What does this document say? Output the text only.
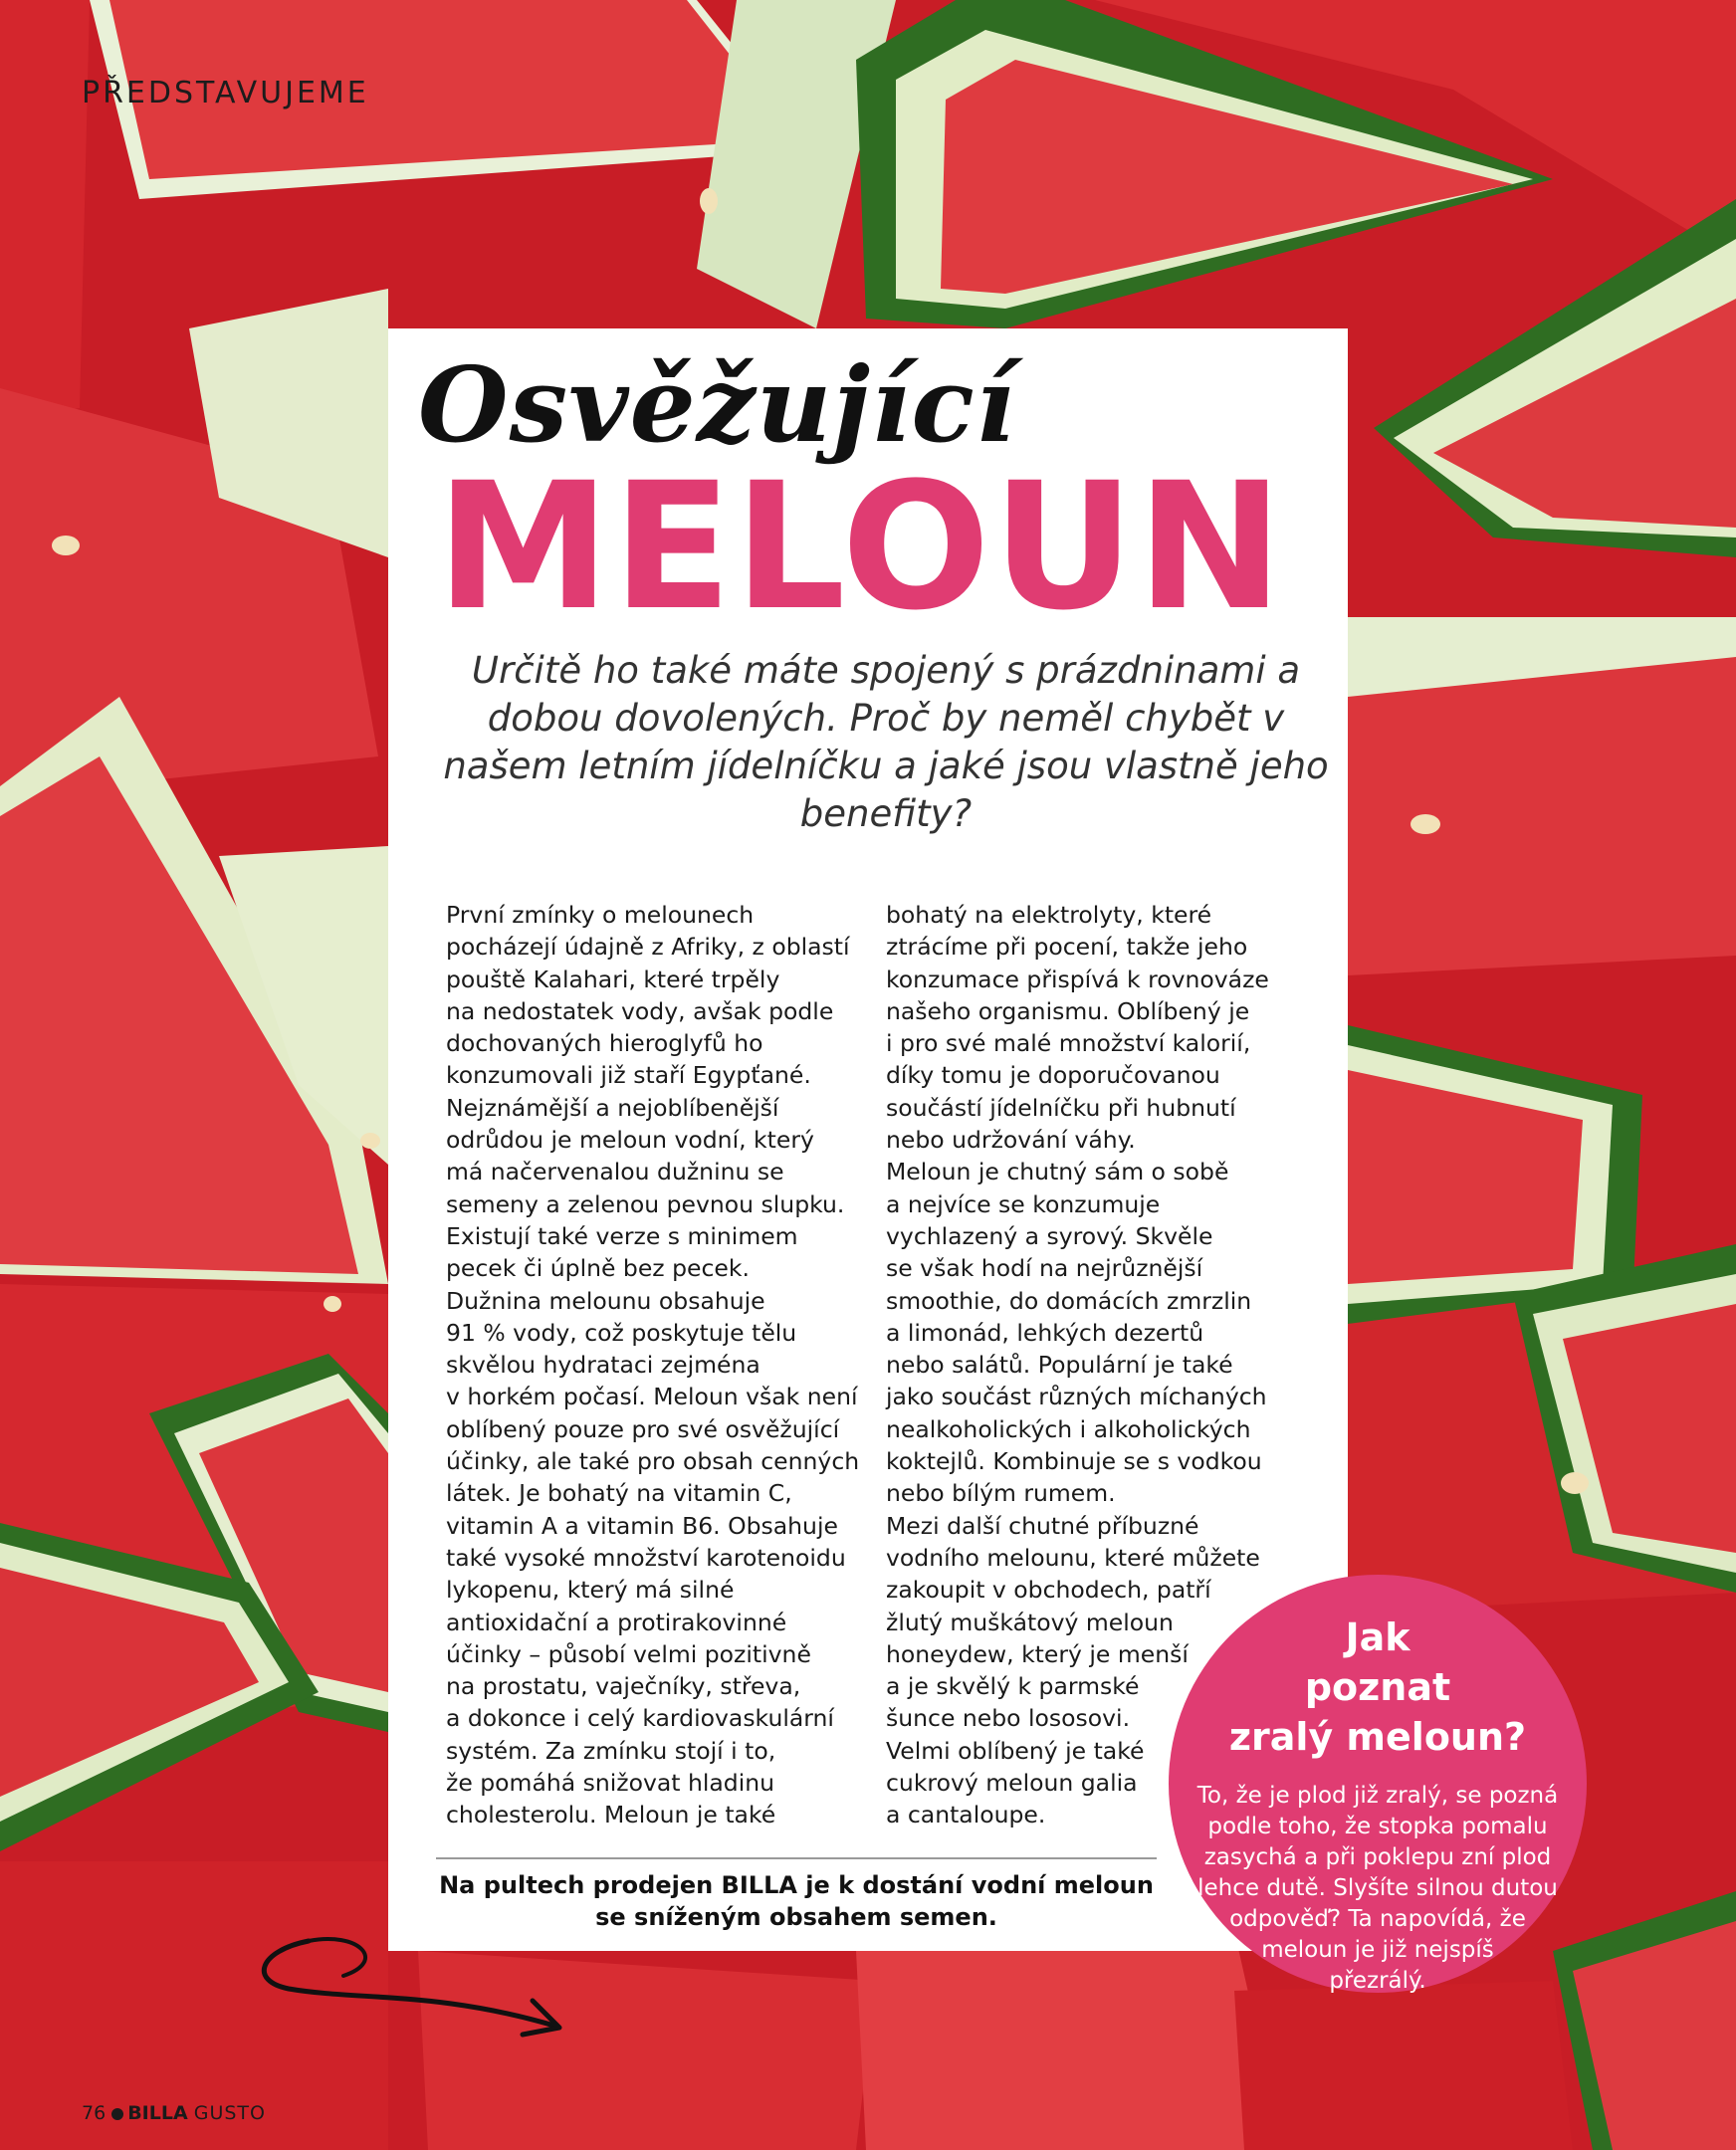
PŘEDSTAVUJEME
Osvěžující
MELOUN

Určitě ho také máte spojený s prázdninami a dobou dovolených. Proč by neměl chybět v našem letním jídelníčku a jaké jsou vlastně jeho benefity?

První zmínky o melounech
pocházejí údajně z Afriky, z oblastí
pouště Kalahari, které trpěly
na nedostatek vody, avšak podle
dochovaných hieroglyfů ho
konzumovali již staří Egypťané.
Nejznámější a nejoblíbenější
odrůdou je meloun vodní, který
má načervenalou dužninu se
semeny a zelenou pevnou slupku.
Existují také verze s minimem
pecek či úplně bez pecek.
Dužnina melounu obsahuje
91 % vody, což poskytuje tělu
skvělou hydrataci zejména
v horkém počasí. Meloun však není
oblíbený pouze pro své osvěžující
účinky, ale také pro obsah cenných
látek. Je bohatý na vitamin C,
vitamin A a vitamin B6. Obsahuje
také vysoké množství karotenoidu
lykopenu, který má silné
antioxidační a protirakovinné
účinky – působí velmi pozitivně
na prostatu, vaječníky, střeva,
a dokonce i celý kardiovaskulární
systém. Za zmínku stojí i to,
že pomáhá snižovat hladinu
cholesterolu. Meloun je také

bohatý na elektrolyty, které
ztrácíme při pocení, takže jeho
konzumace přispívá k rovnováze
našeho organismu. Oblíbený je
i pro své malé množství kalorií,
díky tomu je doporučovanou
součástí jídelníčku při hubnutí
nebo udržování váhy.
Meloun je chutný sám o sobě
a nejvíce se konzumuje
vychlazený a syrový. Skvěle
se však hodí na nejrůznější
smoothie, do domácích zmrzlin
a limonád, lehkých dezertů
nebo salátů. Populární je také
jako součást různých míchaných
nealkoholických i alkoholických
koktejlů. Kombinuje se s vodkou
nebo bílým rumem.
Mezi další chutné příbuzné
vodního melounu, které můžete
zakoupit v obchodech, patří
žlutý muškátový meloun
honeydew, který je menší
a je skvělý k parmské
šunce nebo lososovi.
Velmi oblíbený je také
cukrový meloun galia
a cantaloupe.

Na pultech prodejen BILLA je k dostání vodní meloun se sníženým obsahem semen.

Jak
poznat
zralý meloun?

To, že je plod již zralý, se pozná
podle toho, že stopka pomalu
zasychá a při poklepu zní plod
lehce dutě. Slyšíte silnou dutou
odpověď? Ta napovídá, že
meloun je již nejspíš
přezrálý.

76 BILLA GUSTO
